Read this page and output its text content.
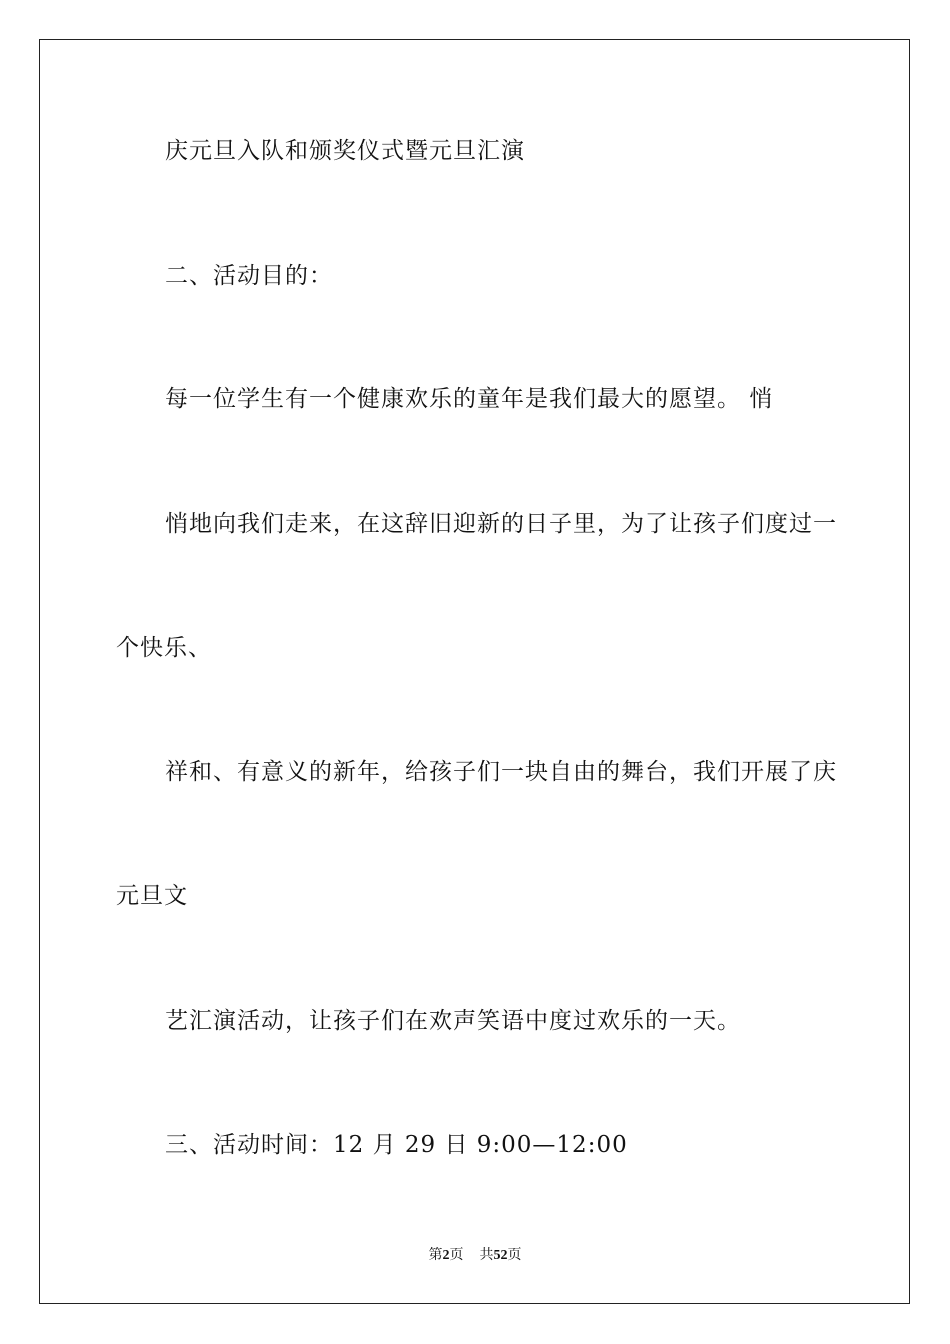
庆元旦入队和颁奖仪式暨元旦汇演
二、活动目的：
每一位学生有一个健康欢乐的童年是我们最大的愿望。 悄
悄地向我们走来，在这辞旧迎新的日子里，为了让孩子们度过一
个快乐、
祥和、有意义的新年，给孩子们一块自由的舞台，我们开展了庆
元旦文
艺汇演活动，让孩子们在欢声笑语中度过欢乐的一天。
三、活动时间：12 月 29 日 9:00—12:00
第2页 共52页
